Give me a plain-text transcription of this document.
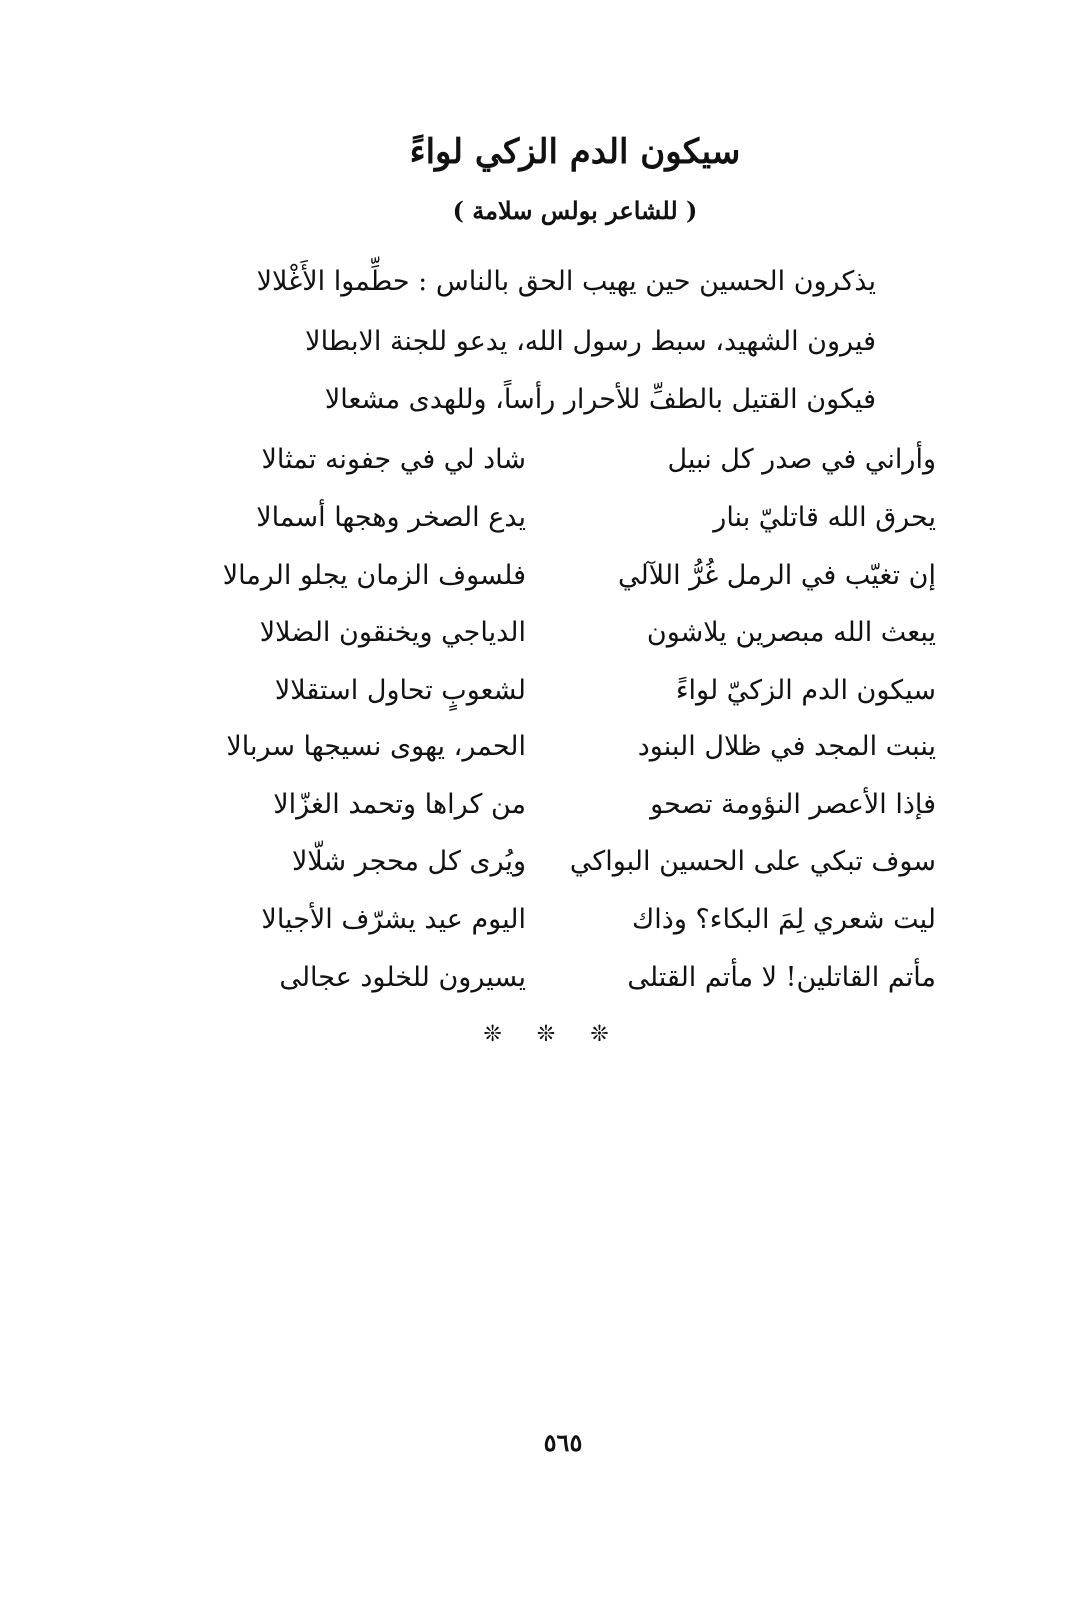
سيكون الدم الزكي لواءً
( للشاعر بولس سلامة )
يذكرون الحسين حين يهيب الحق بالناس : حطِّموا الأَغْلالا
فيرون الشهيد، سبط رسول الله، يدعو للجنة الابطالا
فيكون القتيل بالطفِّ للأحرار رأساً، وللهدى مشعالا
وأراني في صدر كل نبيل
شاد لي في جفونه تمثالا
يحرق الله قاتليّ بنار
يدع الصخر وهجها أسمالا
إن تغيّب في الرمل غُرُّ اللآلي
فلسوف الزمان يجلو الرمالا
يبعث الله مبصرين يلاشون
الدياجي ويخنقون الضلالا
سيكون الدم الزكيّ لواءً
لشعوبٍ تحاول استقلالا
ينبت المجد في ظلال البنود
الحمر، يهوى نسيجها سربالا
فإذا الأعصر النؤومة تصحو
من كراها وتحمد الغزّالا
سوف تبكي على الحسين البواكي
ويُرى كل محجر شلّالا
ليت شعري لِمَ البكاء؟ وذاك
اليوم عيد يشرّف الأجيالا
مأتم القاتلين! لا مأتم القتلى
يسيرون للخلود عجالى
❊ ❊ ❊
٥٦٥
